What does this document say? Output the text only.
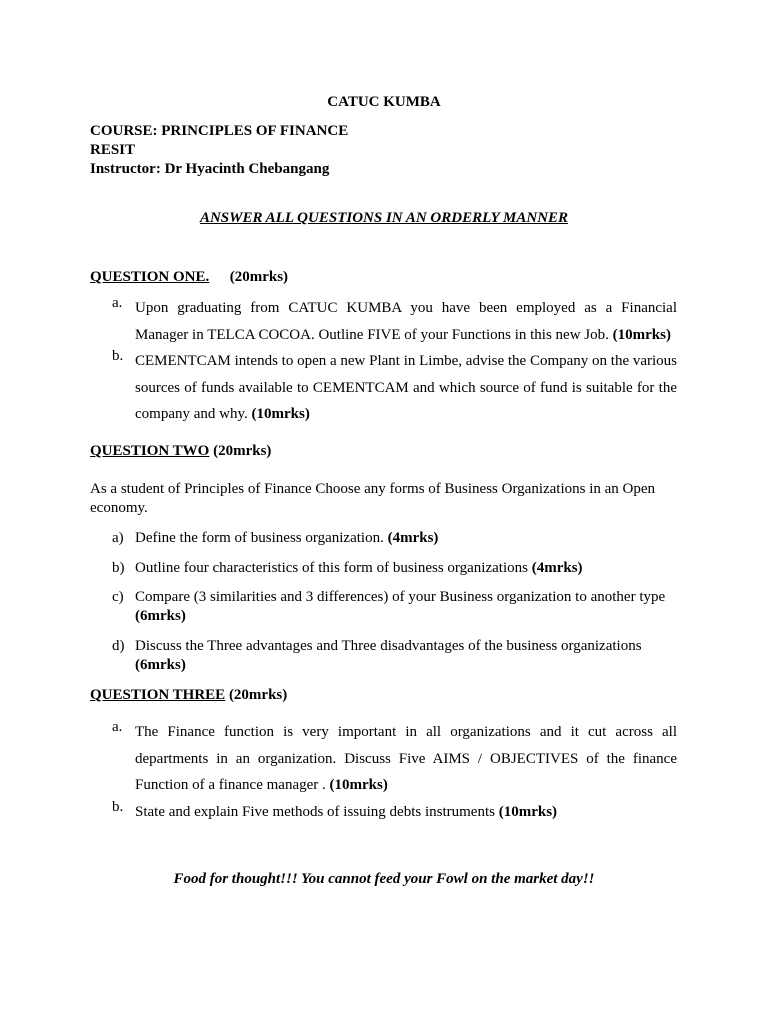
CATUC KUMBA
COURSE: PRINCIPLES OF FINANCE
RESIT
Instructor: Dr Hyacinth Chebangang
ANSWER ALL QUESTIONS IN AN ORDERLY MANNER
QUESTION ONE. (20mrks)
a. Upon graduating from CATUC KUMBA you have been employed as a Financial Manager in TELCA COCOA. Outline FIVE of your Functions in this new Job. (10mrks)
b. CEMENTCAM intends to open a new Plant in Limbe, advise the Company on the various sources of funds available to CEMENTCAM and which source of fund is suitable for the company and why. (10mrks)
QUESTION TWO (20mrks)
As a student of Principles of Finance Choose any forms of Business Organizations in an Open economy.
a) Define the form of business organization. (4mrks)
b) Outline four characteristics of this form of business organizations (4mrks)
c) Compare (3 similarities and 3 differences) of your Business organization to another type
(6mrks)
d) Discuss the Three advantages and Three disadvantages of the business organizations
(6mrks)
QUESTION THREE (20mrks)
a. The Finance function is very important in all organizations and it cut across all departments in an organization. Discuss Five AIMS / OBJECTIVES of the finance Function of a finance manager . (10mrks)
b. State and explain Five methods of issuing debts instruments (10mrks)
Food for thought!!! You cannot feed your Fowl on the market day!!
